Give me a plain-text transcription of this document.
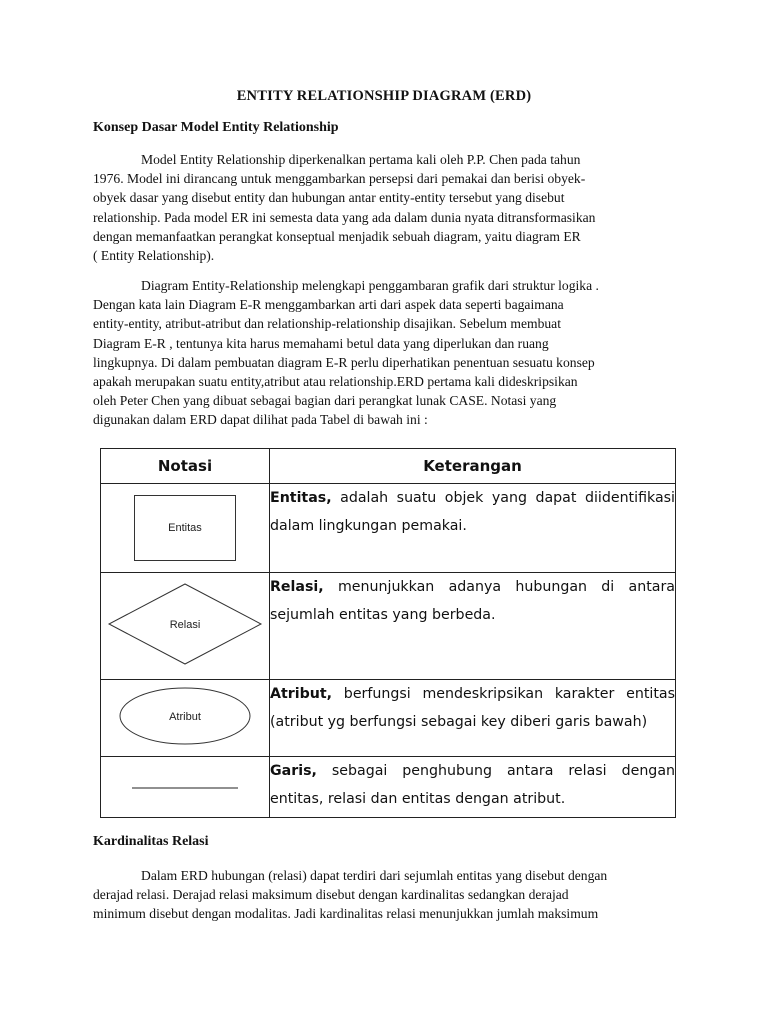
ENTITY RELATIONSHIP DIAGRAM (ERD)
Konsep Dasar Model Entity Relationship
Model Entity Relationship diperkenalkan pertama kali oleh P.P. Chen pada tahun
1976. Model ini dirancang untuk menggambarkan persepsi dari pemakai dan berisi obyek-
obyek dasar yang disebut entity dan hubungan antar entity-entity tersebut yang disebut
relationship. Pada model ER ini semesta data yang ada dalam dunia nyata ditransformasikan
dengan memanfaatkan perangkat konseptual menjadik sebuah diagram, yaitu diagram ER
( Entity Relationship).
Diagram Entity-Relationship melengkapi penggambaran grafik dari struktur logika .
Dengan kata lain Diagram E-R menggambarkan arti dari aspek data seperti bagaimana
entity-entity, atribut-atribut dan relationship-relationship disajikan. Sebelum membuat
Diagram E-R , tentunya kita harus memahami betul data yang diperlukan dan ruang
lingkupnya. Di dalam pembuatan diagram E-R perlu diperhatikan penentuan sesuatu konsep
apakah merupakan suatu entity,atribut atau relationship.ERD pertama kali dideskripsikan
oleh Peter Chen yang dibuat sebagai bagian dari perangkat lunak CASE. Notasi yang
digunakan dalam ERD dapat dilihat pada Tabel di bawah ini :
Notasi	Keterangan
Entitas	Entitas, adalah suatu objek yang dapat diidentifikasi dalam lingkungan pemakai.

Relasi	Relasi, menunjukkan adanya hubungan di antara sejumlah entitas yang berbeda.

Atribut	Atribut, berfungsi mendeskripsikan karakter entitas (atribut yg berfungsi sebagai key diberi garis bawah)
	Garis, sebagai penghubung antara relasi dengan entitas, relasi dan entitas dengan atribut.
Kardinalitas Relasi
Dalam ERD hubungan (relasi) dapat terdiri dari sejumlah entitas yang disebut dengan
derajad relasi. Derajad relasi maksimum disebut dengan kardinalitas sedangkan derajad
minimum disebut dengan modalitas. Jadi kardinalitas relasi menunjukkan jumlah maksimum
